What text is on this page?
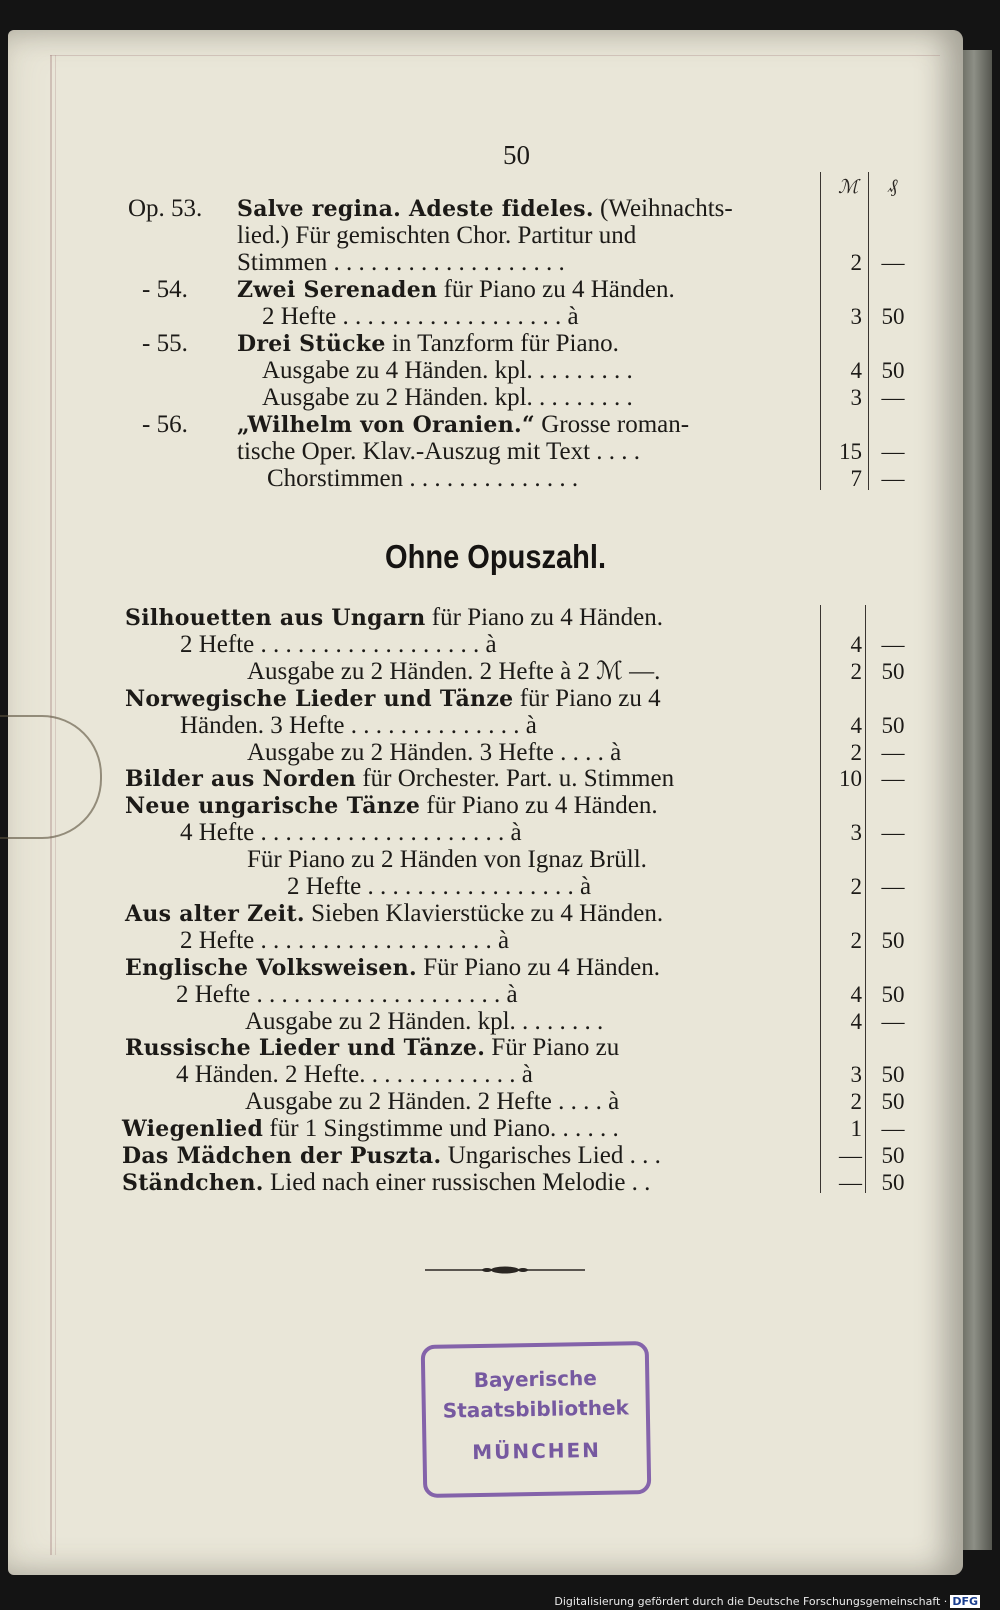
50
ℳ ₰
Op. 53. Salve regina. Adeste fideles. (Weihnachts-
lied.) Für gemischten Chor. Partitur und
Stimmen . . . . . . . . . . . . . . . . . . .	2 —
- 54. Zwei Serenaden für Piano zu 4 Händen.
2 Hefte . . . . . . . . . . . . . . . . . . à	3 50
- 55. Drei Stücke in Tanzform für Piano.
Ausgabe zu 4 Händen. kpl. . . . . . . . .	4 50
Ausgabe zu 2 Händen. kpl. . . . . . . . .	3 —
- 56. „Wilhelm von Oranien.“ Grosse roman-
tische Oper. Klav.-Auszug mit Text . . . .	15 —
Chorstimmen . . . . . . . . . . . . . .	7 —
Ohne Opuszahl.
Silhouetten aus Ungarn für Piano zu 4 Händen.
2 Hefte . . . . . . . . . . . . . . . . . . à	4 —
Ausgabe zu 2 Händen. 2 Hefte à 2 ℳ —.	2 50
Norwegische Lieder und Tänze für Piano zu 4
Händen. 3 Hefte . . . . . . . . . . . . . . à	4 50
Ausgabe zu 2 Händen. 3 Hefte . . . . à	2 —
Bilder aus Norden für Orchester. Part. u. Stimmen	10 —
Neue ungarische Tänze für Piano zu 4 Händen.
4 Hefte . . . . . . . . . . . . . . . . . . . . à	3 —
Für Piano zu 2 Händen von Ignaz Brüll.
2 Hefte . . . . . . . . . . . . . . . . . à	2 —
Aus alter Zeit. Sieben Klavierstücke zu 4 Händen.
2 Hefte . . . . . . . . . . . . . . . . . . . à	2 50
Englische Volksweisen. Für Piano zu 4 Händen.
2 Hefte . . . . . . . . . . . . . . . . . . . . à	4 50
Ausgabe zu 2 Händen. kpl. . . . . . . .	4 —
Russische Lieder und Tänze. Für Piano zu
4 Händen. 2 Hefte. . . . . . . . . . . . . à	3 50
Ausgabe zu 2 Händen. 2 Hefte . . . . à	2 50
Wiegenlied für 1 Singstimme und Piano. . . . . .	1 —
Das Mädchen der Puszta. Ungarisches Lied . . .	— 50
Ständchen. Lied nach einer russischen Melodie . .	— 50
Bayerische
Staatsbibliothek
MÜNCHEN
Digitalisierung gefördert durch die Deutsche Forschungsgemeinschaft · DFG
